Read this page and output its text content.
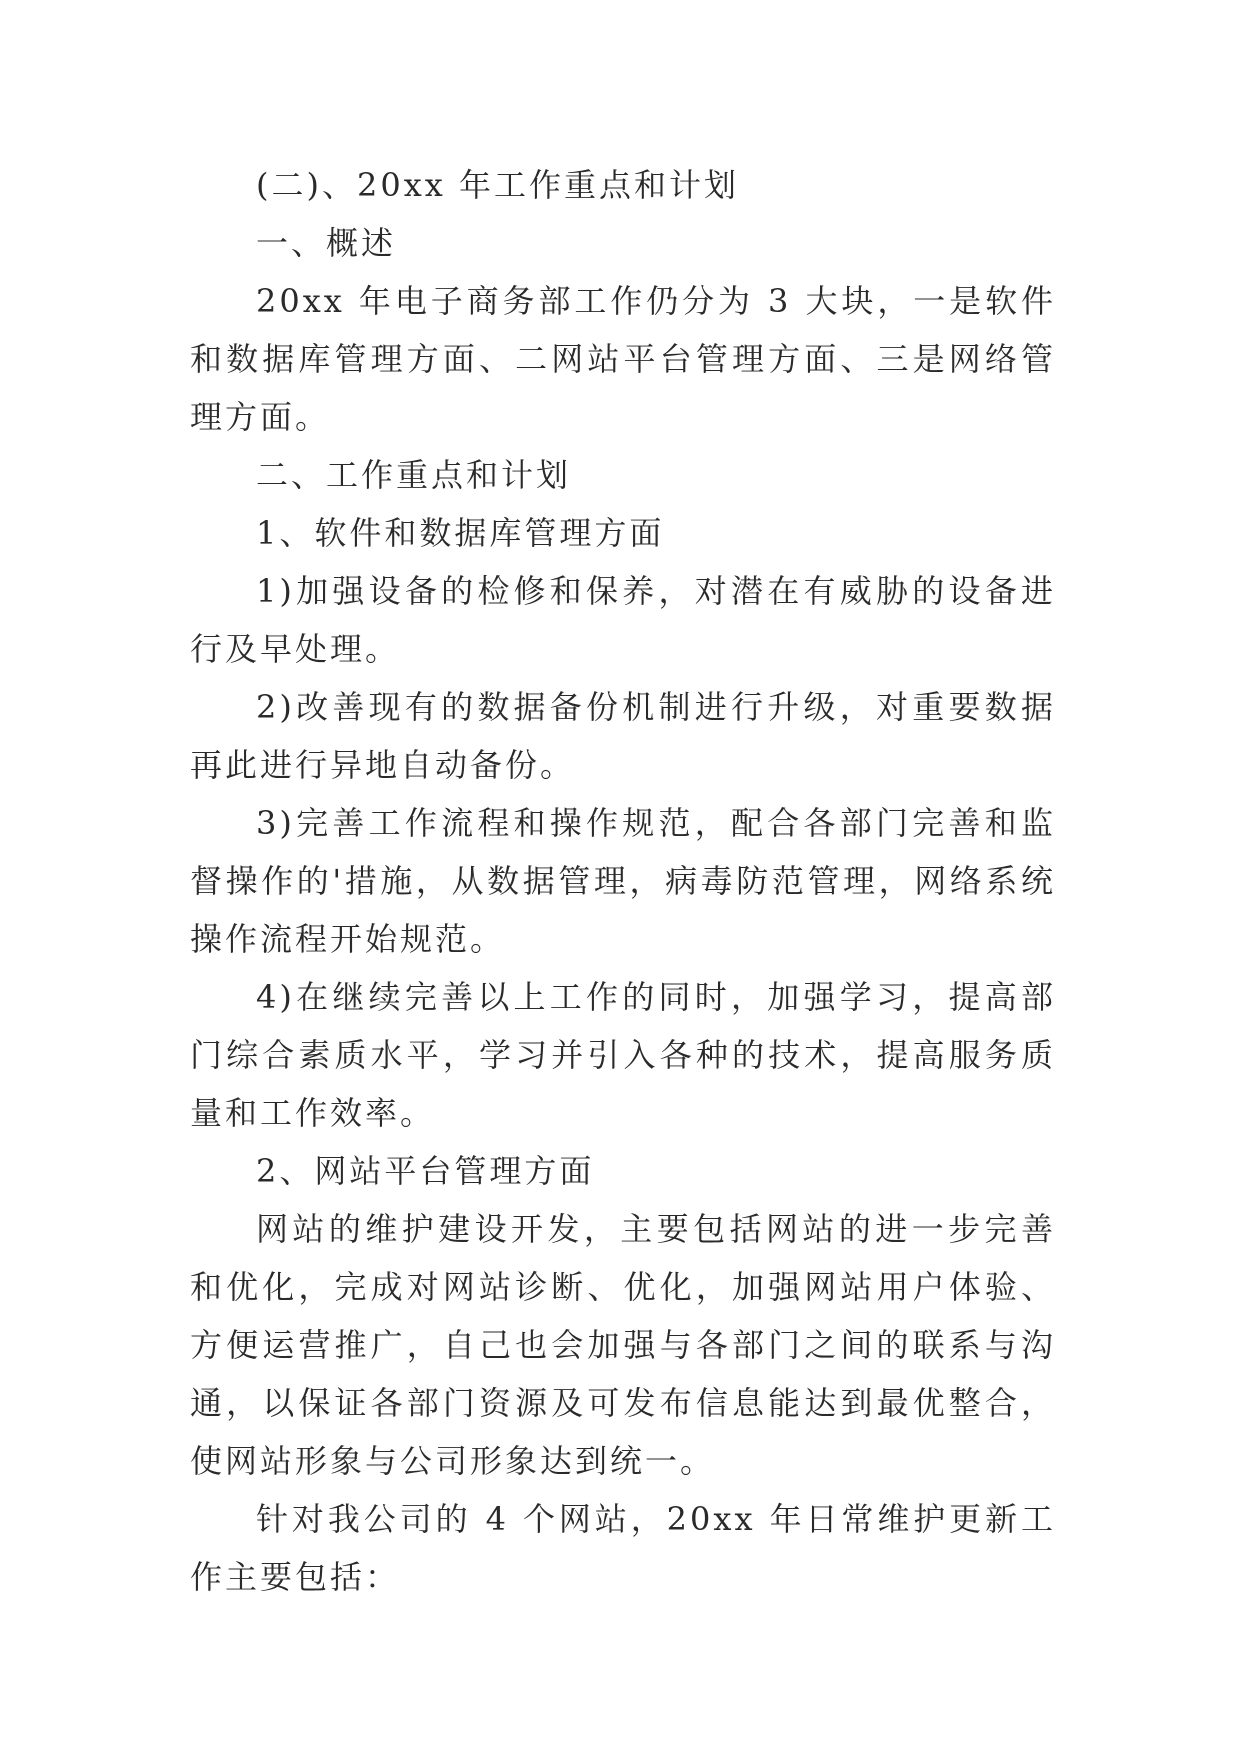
(二)、20xx 年工作重点和计划

一、概述

20xx 年电子商务部工作仍分为 3 大块，一是软件和数据库管理方面、二网站平台管理方面、三是网络管理方面。

二、工作重点和计划

1、软件和数据库管理方面

1)加强设备的检修和保养，对潜在有威胁的设备进行及早处理。

2)改善现有的数据备份机制进行升级，对重要数据再此进行异地自动备份。

3)完善工作流程和操作规范，配合各部门完善和监督操作的'措施，从数据管理，病毒防范管理，网络系统操作流程开始规范。

4)在继续完善以上工作的同时，加强学习，提高部门综合素质水平，学习并引入各种的技术，提高服务质量和工作效率。

2、网站平台管理方面

网站的维护建设开发，主要包括网站的进一步完善和优化，完成对网站诊断、优化，加强网站用户体验、方便运营推广，自己也会加强与各部门之间的联系与沟通，以保证各部门资源及可发布信息能达到最优整合，使网站形象与公司形象达到统一。

针对我公司的 4 个网站，20xx 年日常维护更新工作主要包括：
